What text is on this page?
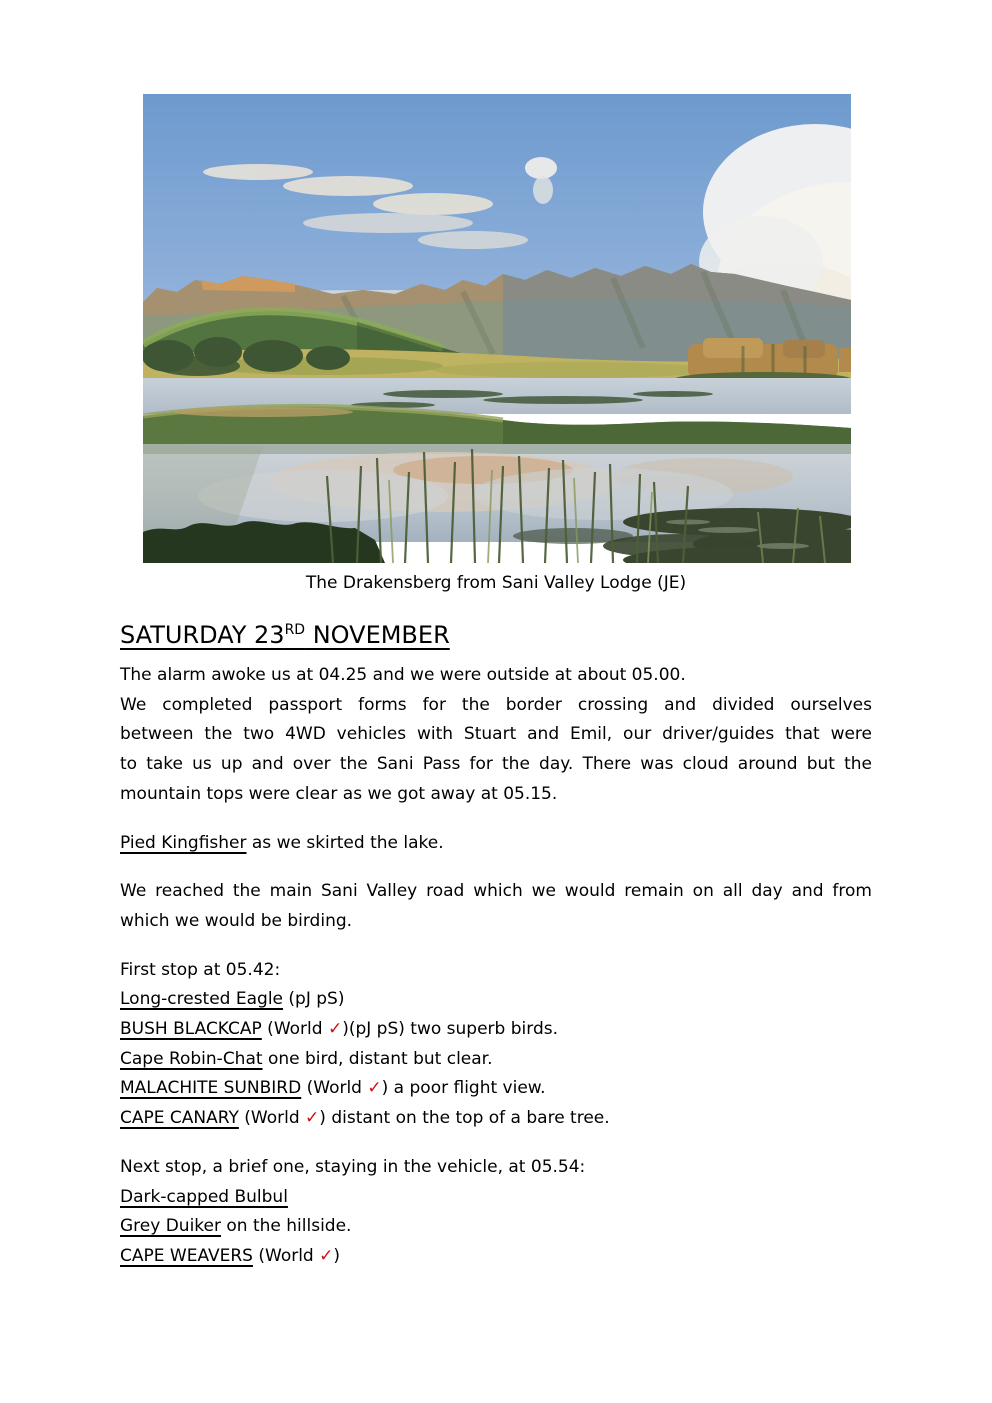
The Drakensberg from Sani Valley Lodge (JE)
SATURDAY 23RD NOVEMBER
The alarm awoke us at 04.25 and we were outside at about 05.00.
We completed passport forms for the border crossing and divided ourselves
between the two 4WD vehicles with Stuart and Emil, our driver/guides that were
to take us up and over the Sani Pass for the day. There was cloud around but the
mountain tops were clear as we got away at 05.15.
Pied Kingfisher as we skirted the lake.
We reached the main Sani Valley road which we would remain on all day and from
which we would be birding.
First stop at 05.42:
Long-crested Eagle (pJ pS)
BUSH BLACKCAP (World ✓)(pJ pS) two superb birds.
Cape Robin-Chat one bird, distant but clear.
MALACHITE SUNBIRD (World ✓) a poor flight view.
CAPE CANARY (World ✓) distant on the top of a bare tree.
Next stop, a brief one, staying in the vehicle, at 05.54:
Dark-capped Bulbul
Grey Duiker on the hillside.
CAPE WEAVERS (World ✓)
